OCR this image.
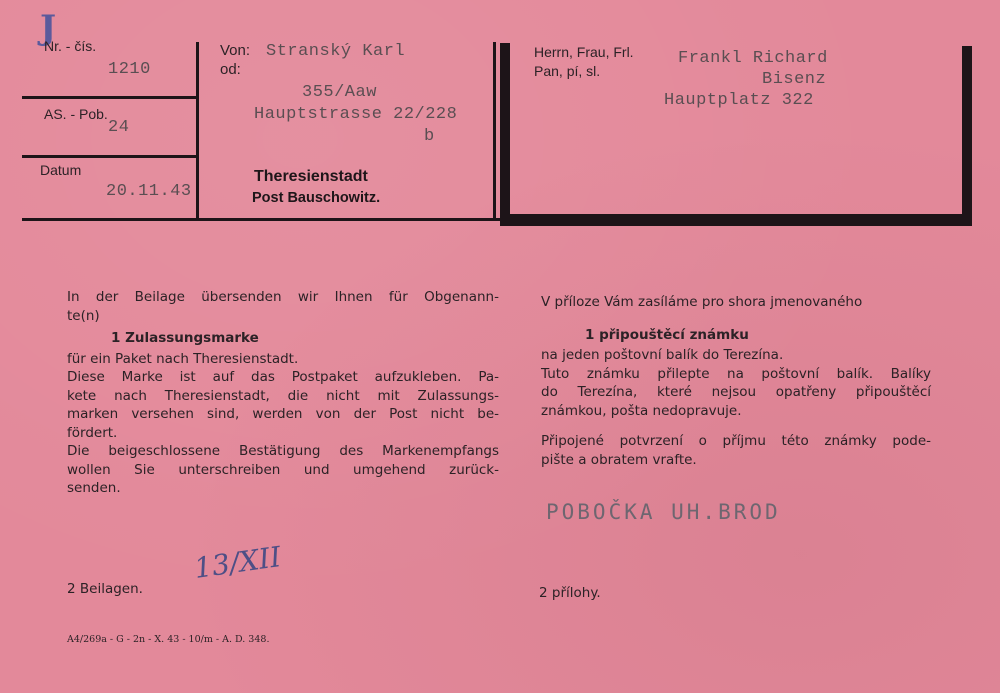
J
Nr. - čís.
1210
AS. - Pob.
24
Datum
20.11.43
Von:
od:
Stranský Karl
355/Aaw
Hauptstrasse 22/228
b
Theresienstadt
Post Bauschowitz.
Herrn, Frau, Frl.
Pan, pí, sl.
Frankl Richard
Bisenz
Hauptplatz 322
In der Beilage übersenden wir Ihnen für Obgenann-
te(n)
1 Zulassungsmarke
für ein Paket nach Theresienstadt.
Diese Marke ist auf das Postpaket aufzukleben. Pa-
kete nach Theresienstadt, die nicht mit Zulassungs-
marken versehen sind, werden von der Post nicht be-
fördert.
Die beigeschlossene Bestätigung des Markenempfangs
wollen Sie unterschreiben und umgehend zurück-
senden.
V příloze Vám zasíláme pro shora jmenovaného
1 připouštěcí známku
na jeden poštovní balík do Terezína.
Tuto známku přilepte na poštovní balík. Balíky
do Terezína, které nejsou opatřeny připouštěcí
známkou, pošta nedopravuje.
Připojené potvrzení o příjmu této známky pode-
pište a obratem vrafte.
POBOČKA UH.BROD
13/XII
2 Beilagen.	2 přílohy.
A4/269a - G - 2n - X. 43 - 10/m - A. D. 348.
